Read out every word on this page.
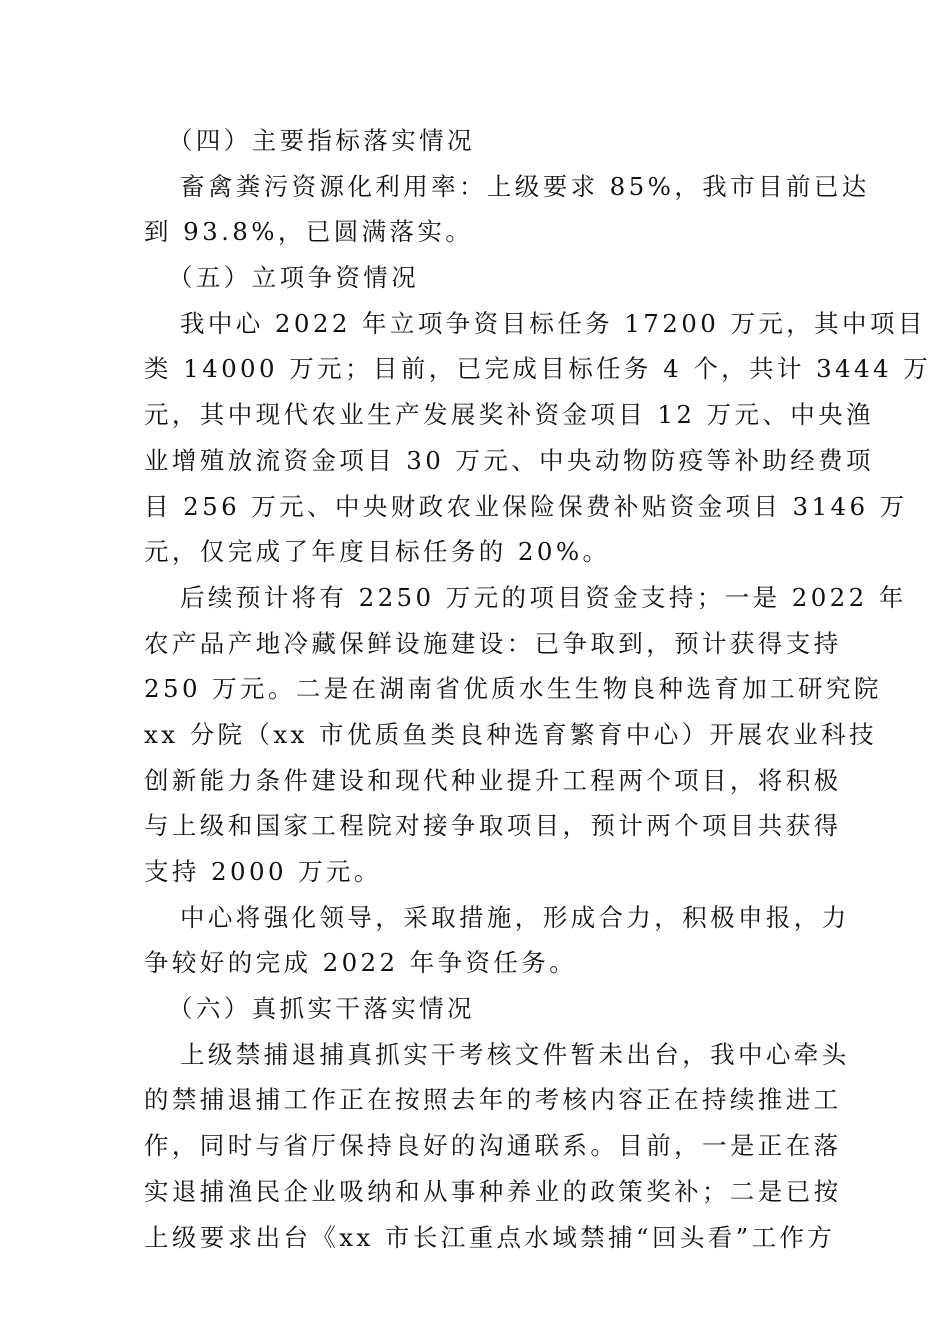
（四）主要指标落实情况
畜禽粪污资源化利用率：上级要求 85%，我市目前已达
到 93.8%，已圆满落实。
（五）立项争资情况
我中心 2022 年立项争资目标任务 17200 万元，其中项目
类 14000 万元；目前，已完成目标任务 4 个，共计 3444 万
元，其中现代农业生产发展奖补资金项目 12 万元、中央渔
业增殖放流资金项目 30 万元、中央动物防疫等补助经费项
目 256 万元、中央财政农业保险保费补贴资金项目 3146 万
元，仅完成了年度目标任务的 20%。
后续预计将有 2250 万元的项目资金支持；一是 2022 年
农产品产地冷藏保鲜设施建设：已争取到，预计获得支持
250 万元。二是在湖南省优质水生生物良种选育加工研究院
xx 分院（xx 市优质鱼类良种选育繁育中心）开展农业科技
创新能力条件建设和现代种业提升工程两个项目，将积极
与上级和国家工程院对接争取项目，预计两个项目共获得
支持 2000 万元。
中心将强化领导，采取措施，形成合力，积极申报，力
争较好的完成 2022 年争资任务。
（六）真抓实干落实情况
上级禁捕退捕真抓实干考核文件暂未出台，我中心牵头
的禁捕退捕工作正在按照去年的考核内容正在持续推进工
作，同时与省厅保持良好的沟通联系。目前，一是正在落
实退捕渔民企业吸纳和从事种养业的政策奖补；二是已按
上级要求出台《xx 市长江重点水域禁捕“回头看”工作方
